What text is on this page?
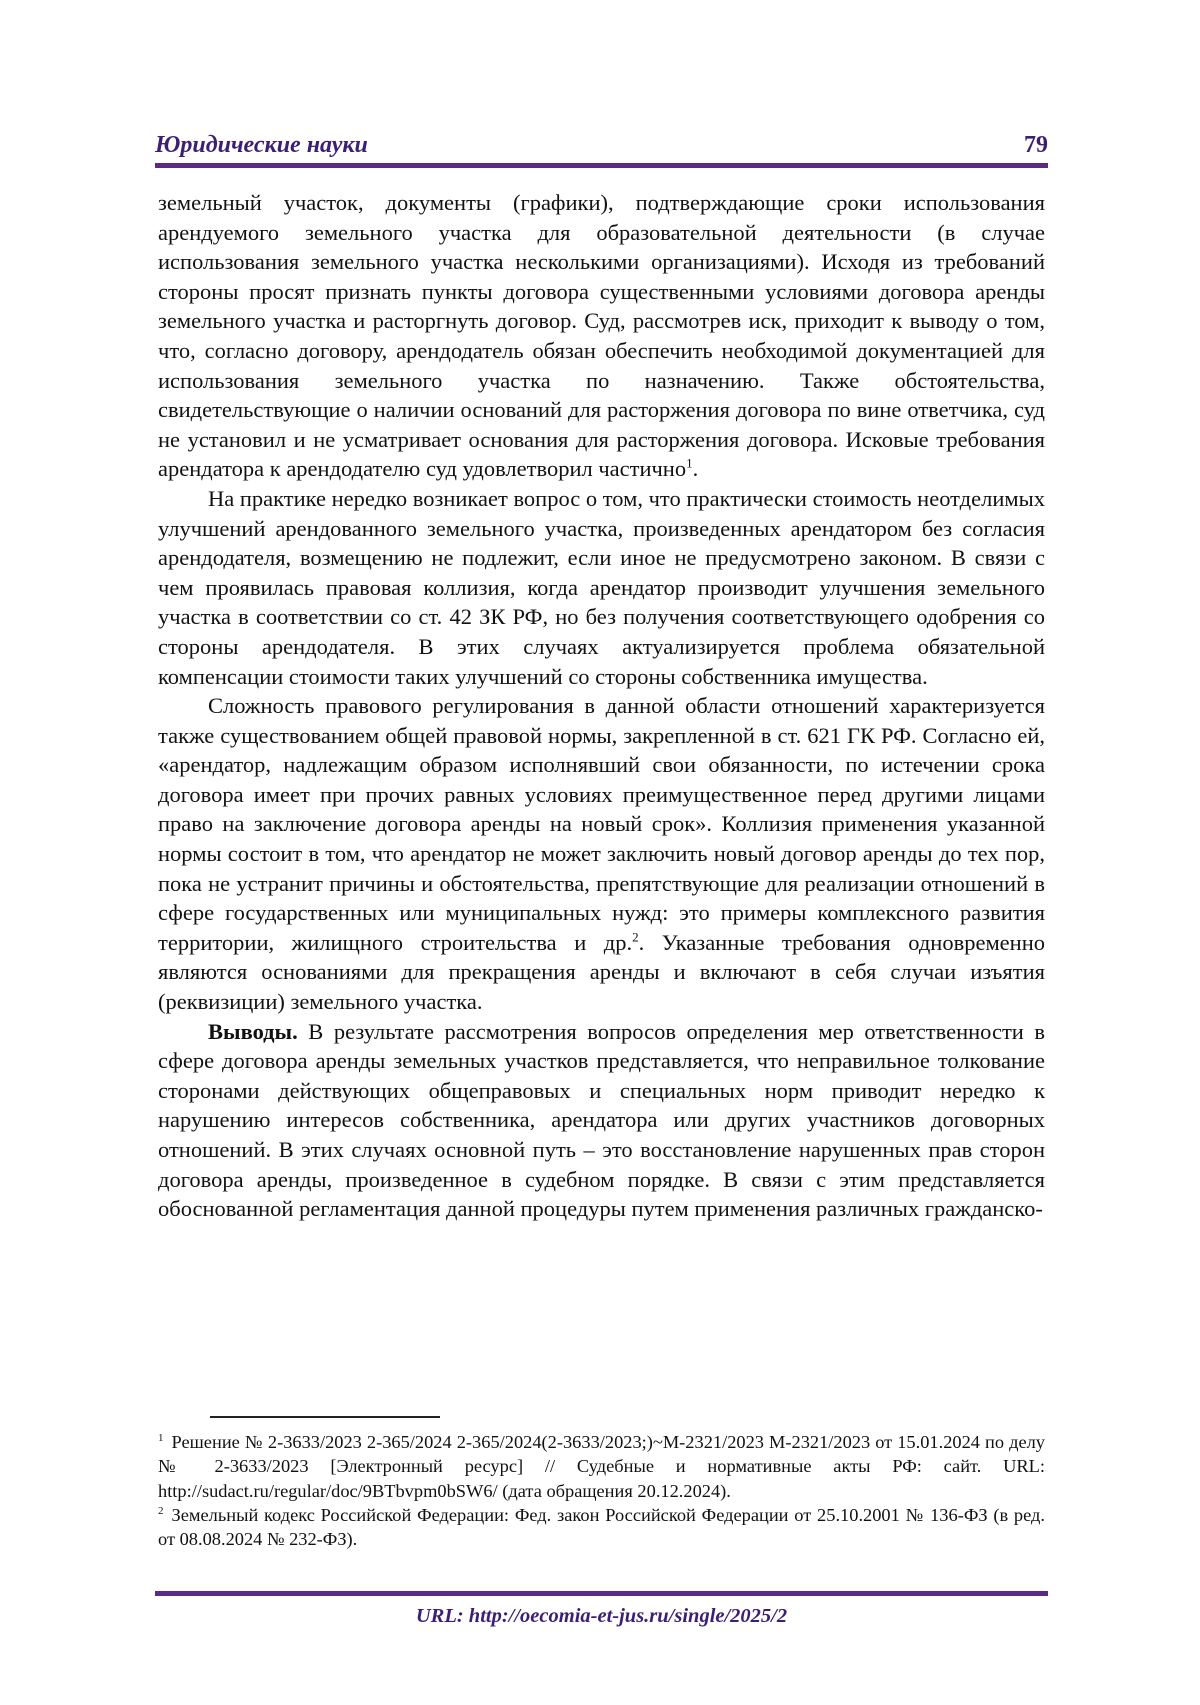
Юридические науки	79

земельный участок, документы (графики), подтверждающие сроки использования арендуемого земельного участка для образовательной деятельности (в случае использования земельного участка несколькими организациями). Исходя из требований стороны просят признать пункты договора существенными условиями договора аренды земельного участка и расторгнуть договор. Суд, рассмотрев иск, приходит к выводу о том, что, согласно договору, арендодатель обязан обеспечить необходимой документацией для использования земельного участка по назначению. Также обстоятельства, свидетельствующие о наличии оснований для расторжения договора по вине ответчика, суд не установил и не усматривает основания для расторжения договора. Исковые требования арендатора к арендодателю суд удовлетворил частично$^1$.

На практике нередко возникает вопрос о том, что практически стоимость неотделимых улучшений арендованного земельного участка, произведенных арендатором без согласия арендодателя, возмещению не подлежит, если иное не предусмотрено законом. В связи с чем проявилась правовая коллизия, когда арендатор производит улучшения земельного участка в соответствии со ст. 42 ЗК РФ, но без получения соответствующего одобрения со стороны арендодателя. В этих случаях актуализируется проблема обязательной компенсации стоимости таких улучшений со стороны собственника имущества.

Сложность правового регулирования в данной области отношений характеризуется также существованием общей правовой нормы, закрепленной в ст. 621 ГК РФ. Согласно ей, «арендатор, надлежащим образом исполнявший свои обязанности, по истечении срока договора имеет при прочих равных условиях преимущественное перед другими лицами право на заключение договора аренды на новый срок». Коллизия применения указанной нормы состоит в том, что арендатор не может заключить новый договор аренды до тех пор, пока не устранит причины и обстоятельства, препятствующие для реализации отношений в сфере государственных или муниципальных нужд: это примеры комплексного развития территории, жилищного строительства и др.$^2$. Указанные требования одновременно являются основаниями для прекращения аренды и включают в себя случаи изъятия (реквизиции) земельного участка.

Выводы. В результате рассмотрения вопросов определения мер ответственности в сфере договора аренды земельных участков представляется, что неправильное толкование сторонами действующих общеправовых и специальных норм приводит нередко к нарушению интересов собственника, арендатора или других участников договорных отношений. В этих случаях основной путь – это восстановление нарушенных прав сторон договора аренды, произведенное в судебном порядке. В связи с этим представляется обоснованной регламентация данной процедуры путем применения различных гражданско-

$^1$ Решение № 2-3633/2023 2-365/2024 2-365/2024(2-3633/2023;)~М-2321/2023 М-2321/2023 от 15.01.2024 по делу № 2-3633/2023 [Электронный ресурс] // Судебные и нормативные акты РФ: сайт. URL: http://sudact.ru/regular/doc/9BTbvpm0bSW6/ (дата обращения 20.12.2024).

$^2$ Земельный кодекс Российской Федерации: Фед. закон Российской Федерации от 25.10.2001 № 136-ФЗ (в ред. от 08.08.2024 № 232-ФЗ).

URL: http://oecomia-et-jus.ru/single/2025/2
